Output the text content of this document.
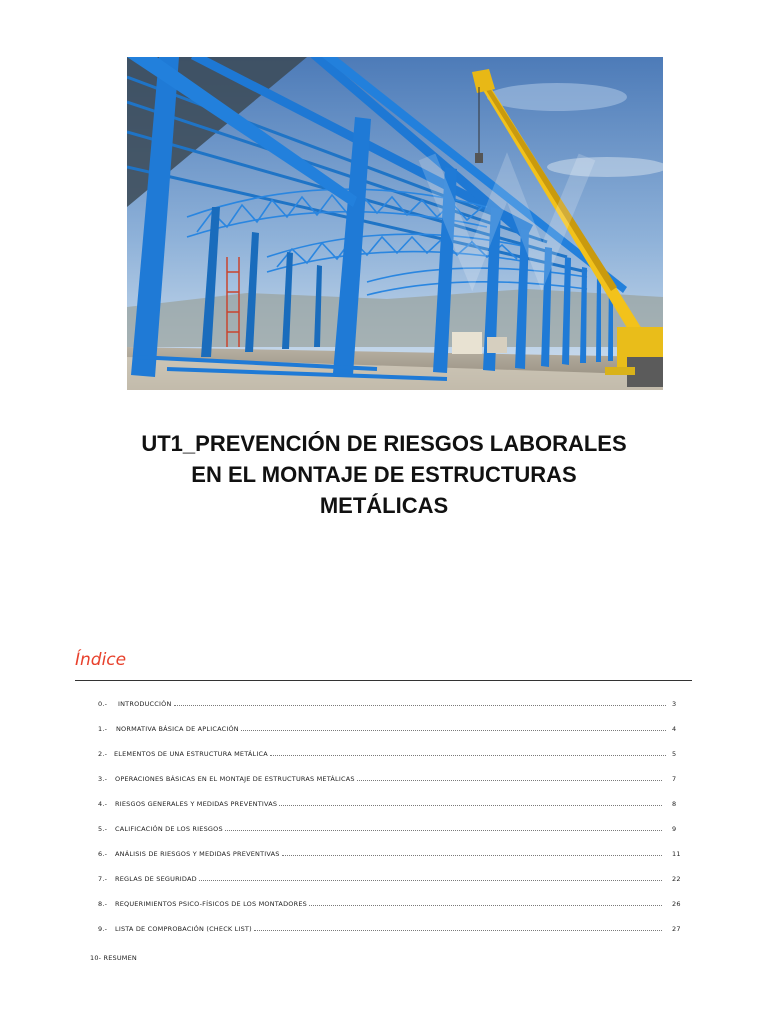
UT1_PREVENCIÓN DE RIESGOS LABORALES
EN EL MONTAJE DE ESTRUCTURAS
METÁLICAS
Índice
0.-	INTRODUCCIÓN	3
1.-	NORMATIVA BÁSICA DE APLICACIÓN	4
2.-	ELEMENTOS DE UNA ESTRUCTURA METÁLICA	5
3.-	OPERACIONES BÁSICAS EN EL MONTAJE DE ESTRUCTURAS METÁLICAS	7
4.-	RIESGOS GENERALES Y MEDIDAS PREVENTIVAS	8
5.-	CALIFICACIÓN DE LOS RIESGOS	9
6.-	ANÁLISIS DE RIESGOS Y MEDIDAS PREVENTIVAS	11
7.-	REGLAS DE SEGURIDAD	22
8.-	REQUERIMIENTOS PSICO-FÍSICOS DE LOS MONTADORES	26
9.-	LISTA DE COMPROBACIÓN (CHECK LIST)	27
10- RESUMEN
